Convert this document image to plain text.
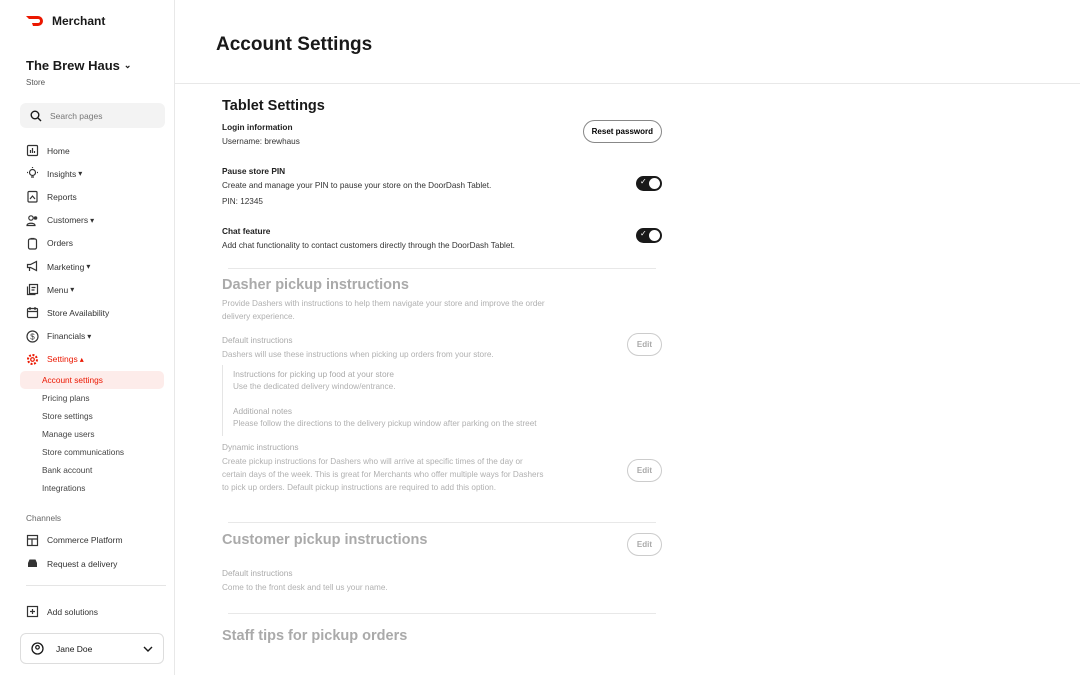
Merchant
The Brew Haus ⌄
Store
Search pages
Home
Insights ▾
Reports
Customers ▾
Orders
Marketing ▾
Menu ▾
Store Availability
$ Financials ▾
Settings ▴
Account settings
Pricing plans
Store settings
Manage users
Store communications
Bank account
Integrations
Channels
Commerce Platform
Request a delivery
Add solutions
Jane Doe
Account Settings
Tablet Settings
Login information
Username: brewhaus
Reset password
Pause store PIN
Create and manage your PIN to pause your store on the DoorDash Tablet.
PIN: 12345
✓
Chat feature
Add chat functionality to contact customers directly through the DoorDash Tablet.
✓
Dasher pickup instructions
Provide Dashers with instructions to help them navigate your store and improve the order delivery experience.
Default instructions
Dashers will use these instructions when picking up orders from your store.
Edit
Instructions for picking up food at your store
Use the dedicated delivery window/entrance.
Additional notes
Please follow the directions to the delivery pickup window after parking on the street
Dynamic instructions
Create pickup instructions for Dashers who will arrive at specific times of the day or certain days of the week. This is great for Merchants who offer multiple ways for Dashers to pick up orders. Default pickup instructions are required to add this option.
Edit
Customer pickup instructions	Edit
Default instructions
Come to the front desk and tell us your name.
Staff tips for pickup orders
